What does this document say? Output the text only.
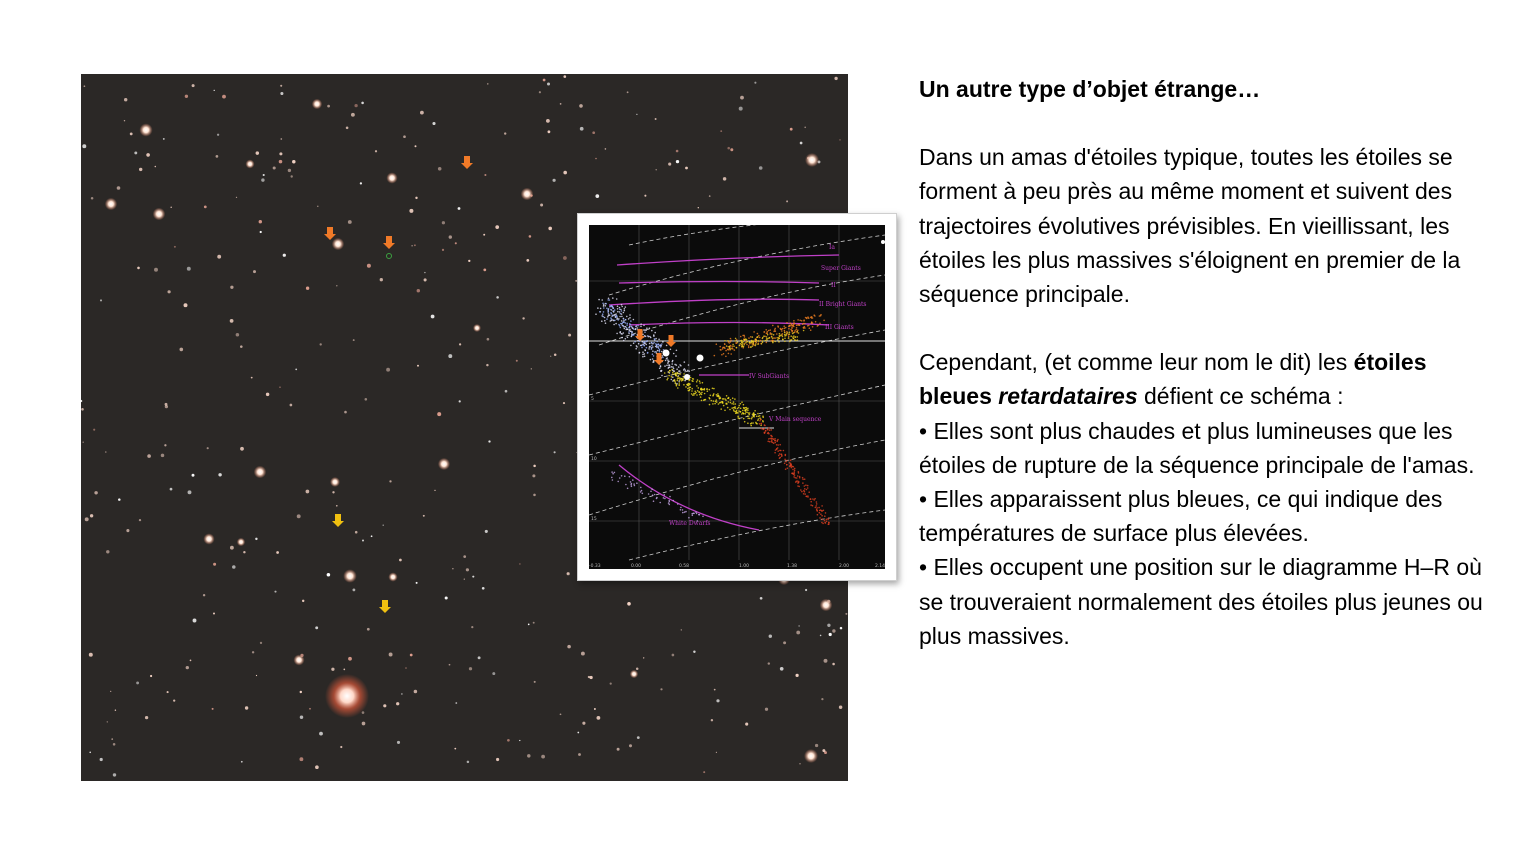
Ia
Super Giants
II
II Bright Giants
III Giants
IV SubGiants
V Main sequence
White Dwarfs
-0.33	0.00	0.58	1.00	1.38	2.00	2.14
5
10
15

Un autre type d’objet étrange…

Dans un amas d'étoiles typique, toutes les étoiles se forment à peu près au même moment et suivent des trajectoires évolutives prévisibles. En vieillissant, les étoiles les plus massives s'éloignent en premier de la séquence principale.

Cependant, (et comme leur nom le dit) les étoiles bleues retardataires défient ce schéma :

• Elles sont plus chaudes et plus lumineuses que les étoiles de rupture de la séquence principale de l'amas.

• Elles apparaissent plus bleues, ce qui indique des températures de surface plus élevées.

• Elles occupent une position sur le diagramme H–R où se trouveraient normalement des étoiles plus jeunes ou plus massives.
